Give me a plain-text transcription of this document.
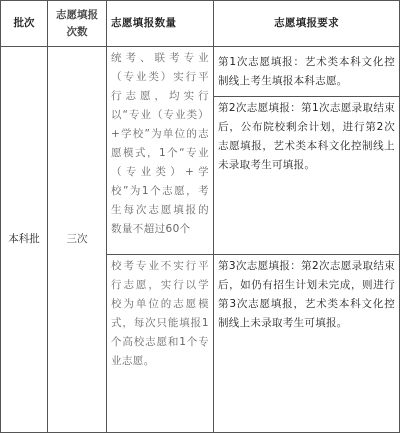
批次	志愿填报次数	志愿填报数量	志愿填报要求
本科批	三次	统考、联考专业（专业类）实行平行志愿，均实行以“专业（专业类）+学校”为单位的志愿模式，1个“专业（专业类）+学校”为1个志愿，考生每次志愿填报的数量不超过60个	第1次志愿填报：艺术类本科文化控制线上考生填报本科志愿。
			第2次志愿填报：第1次志愿录取结束后，公布院校剩余计划，进行第2次志愿填报，艺术类本科文化控制线上未录取考生可填报。
		校考专业不实行平行志愿，实行以学校为单位的志愿模式，每次只能填报1个高校志愿和1个专业志愿。	第3次志愿填报：第2次志愿录取结束后，如仍有招生计划未完成，则进行第3次志愿填报，艺术类本科文化控制线上未录取考生可填报。
